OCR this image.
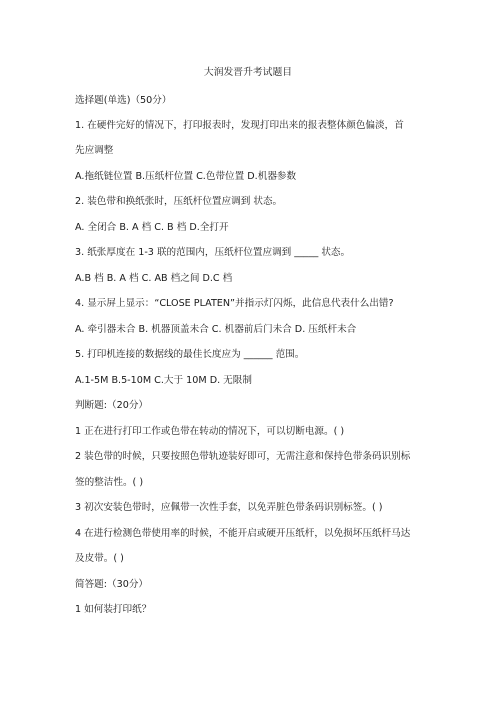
大润发晋升考试题目
选择题(单选)（50分）
1. 在硬件完好的情况下，打印报表时，发现打印出来的报表整体颜色偏淡，首
先应调整
A.拖纸链位置 B.压纸杆位置 C.色带位置 D.机器参数
2. 装色带和换纸张时，压纸杆位置应调到 状态。
A. 全闭合 B. A 档 C. B 档 D.全打开
3. 纸张厚度在 1-3 联的范围内，压纸杆位置应调到 _____ 状态。
A.B 档 B. A 档 C. AB 档之间 D.C 档
4. 显示屏上显示：“CLOSE PLATEN”并指示灯闪烁，此信息代表什么出错?
A. 牵引器未合 B. 机器顶盖未合 C. 机器前后门未合 D. 压纸杆未合
5. 打印机连接的数据线的最佳长度应为 ______ 范围。
A.1-5M B.5-10M C.大于 10M D. 无限制
判断题:（20分）
1 正在进行打印工作或色带在转动的情况下，可以切断电源。( )
2 装色带的时候，只要按照色带轨迹装好即可，无需注意和保持色带条码识别标
签的整洁性。( )
3 初次安装色带时，应佩带一次性手套，以免弄脏色带条码识别标签。( )
4 在进行检测色带使用率的时候，不能开启或硬开压纸杆，以免损坏压纸杆马达
及皮带。( )
简答题:（30分）
1 如何装打印纸？
